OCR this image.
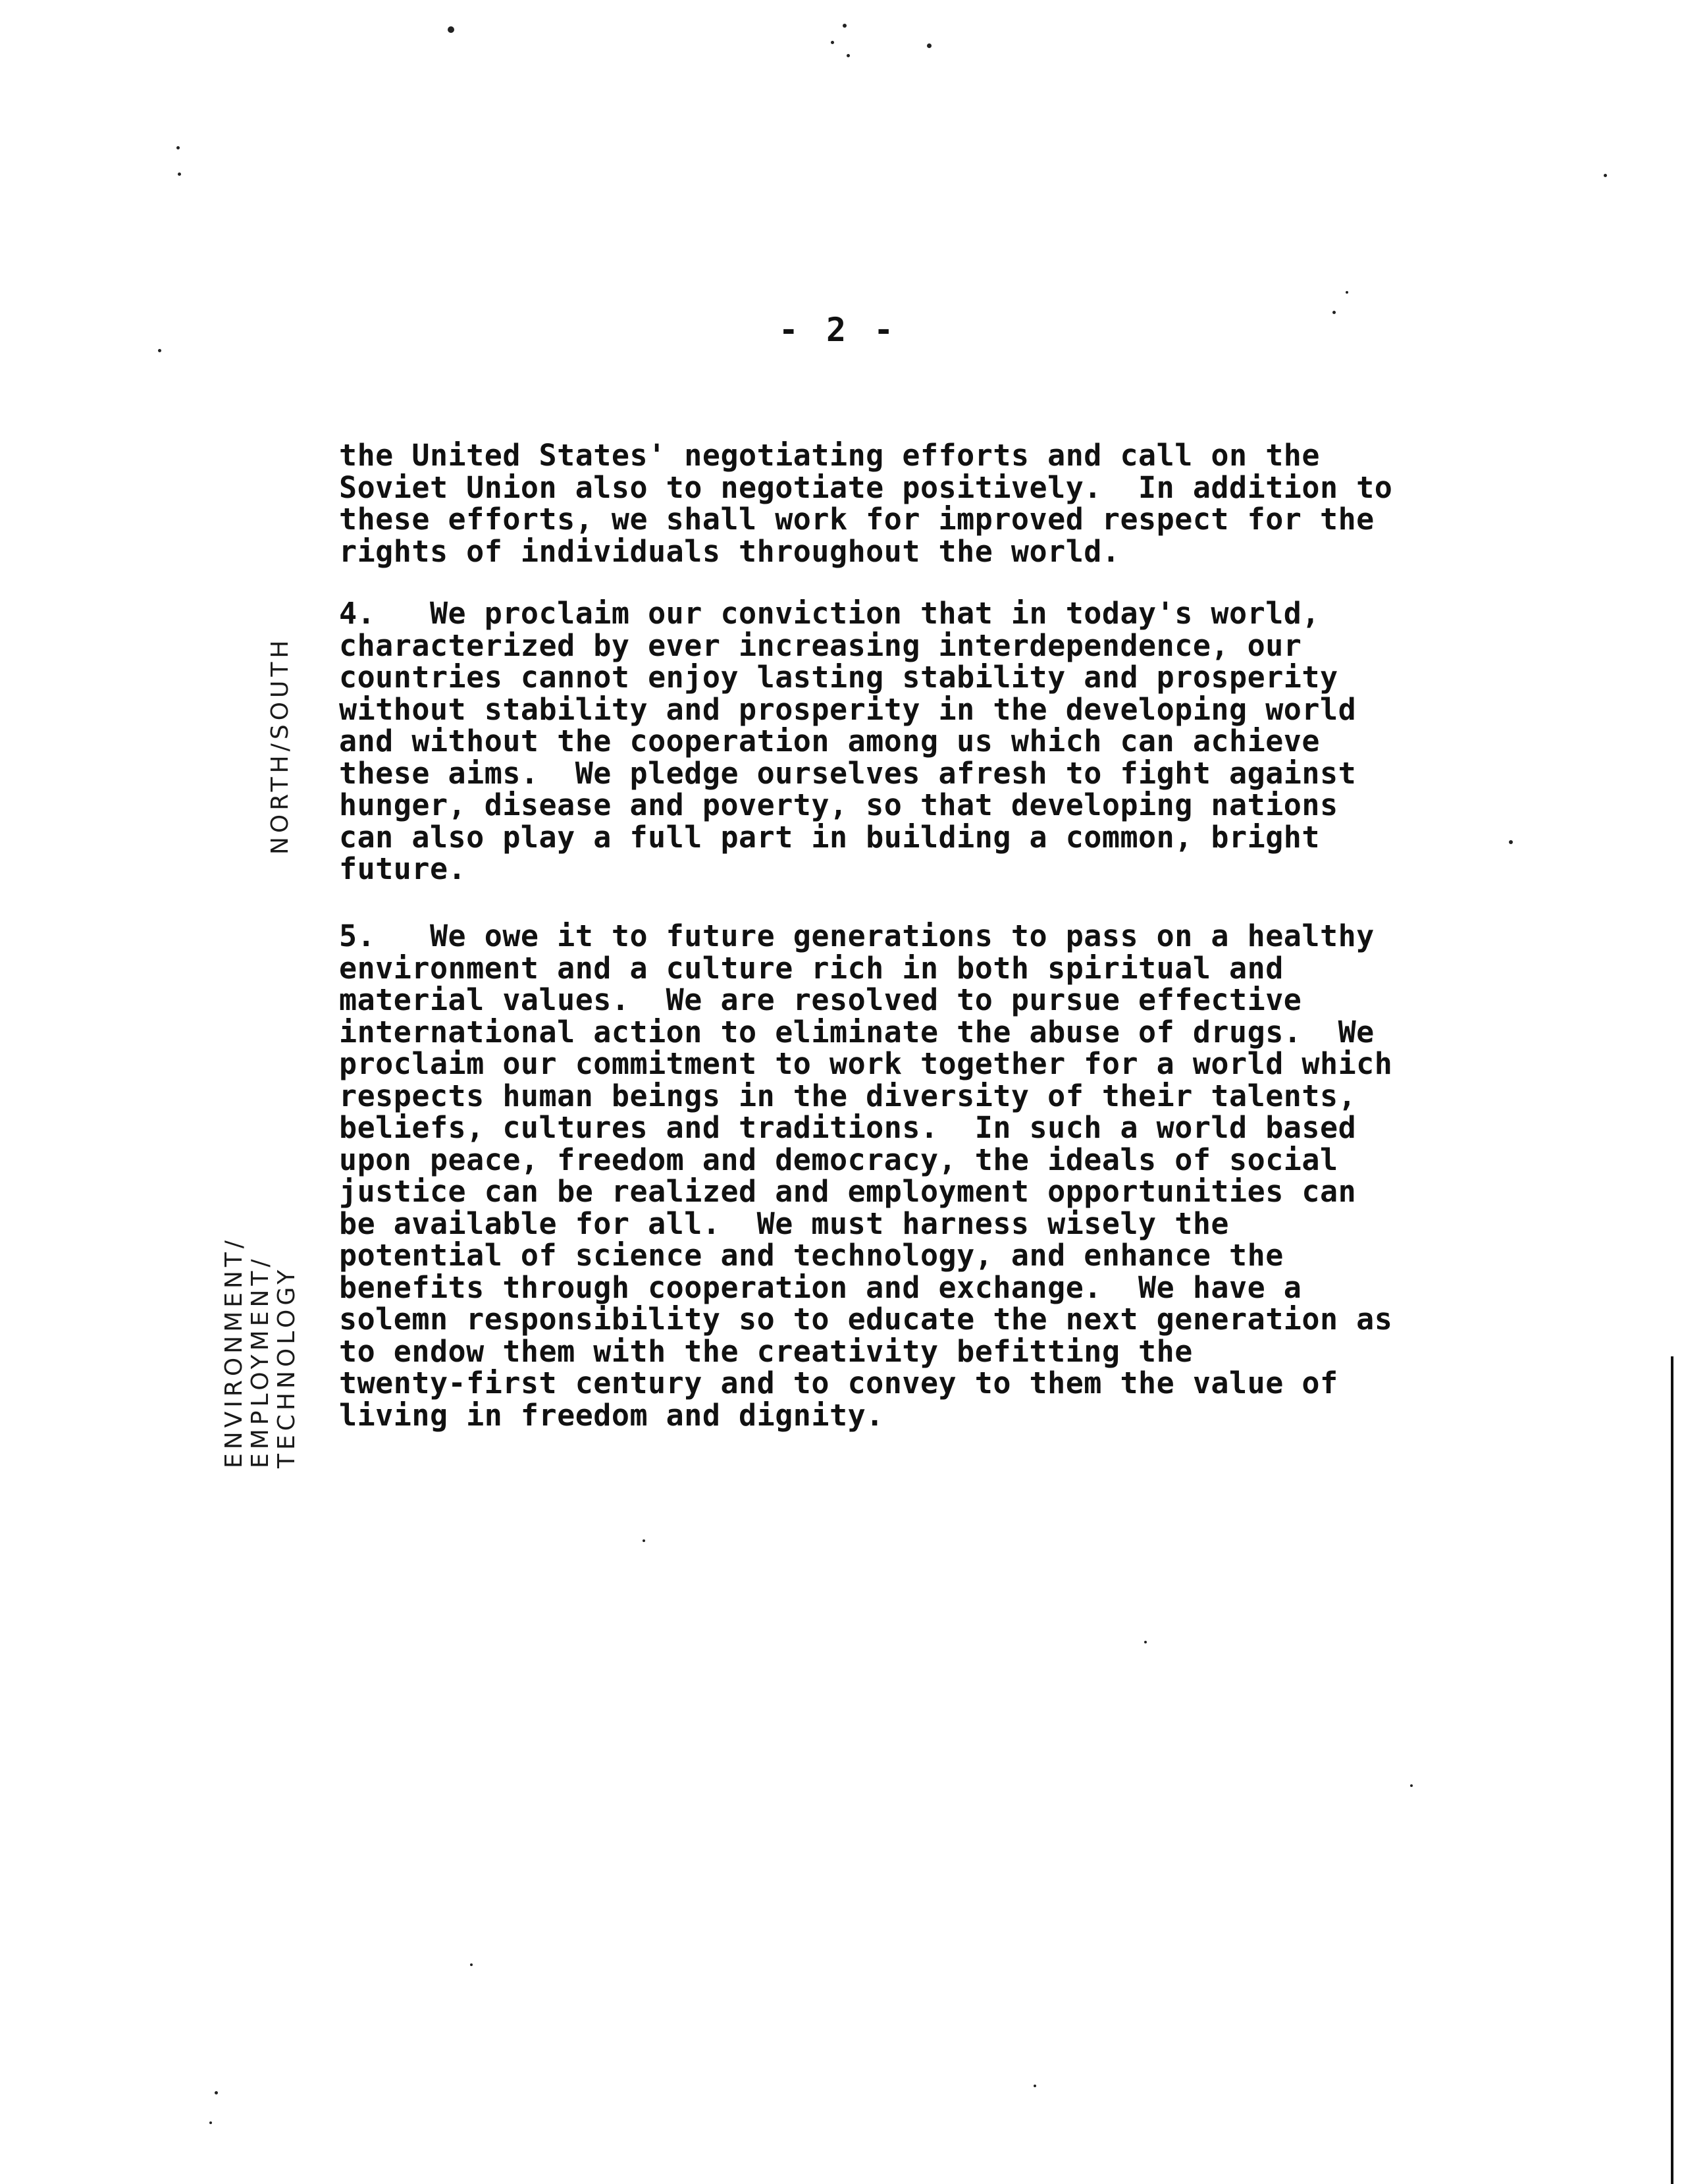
- 2 -
NORTH/SOUTH
ENVIRONMENT/ EMPLOYMENT/ TECHNOLOGY
the United States' negotiating efforts and call on the
Soviet Union also to negotiate positively.  In addition to
these efforts, we shall work for improved respect for the
rights of individuals throughout the world.
4.   We proclaim our conviction that in today's world,
characterized by ever increasing interdependence, our
countries cannot enjoy lasting stability and prosperity
without stability and prosperity in the developing world
and without the cooperation among us which can achieve
these aims.  We pledge ourselves afresh to fight against
hunger, disease and poverty, so that developing nations
can also play a full part in building a common, bright
future.
5.   We owe it to future generations to pass on a healthy
environment and a culture rich in both spiritual and
material values.  We are resolved to pursue effective
international action to eliminate the abuse of drugs.  We
proclaim our commitment to work together for a world which
respects human beings in the diversity of their talents,
beliefs, cultures and traditions.  In such a world based
upon peace, freedom and democracy, the ideals of social
justice can be realized and employment opportunities can
be available for all.  We must harness wisely the
potential of science and technology, and enhance the
benefits through cooperation and exchange.  We have a
solemn responsibility so to educate the next generation as
to endow them with the creativity befitting the
twenty-first century and to convey to them the value of
living in freedom and dignity.
